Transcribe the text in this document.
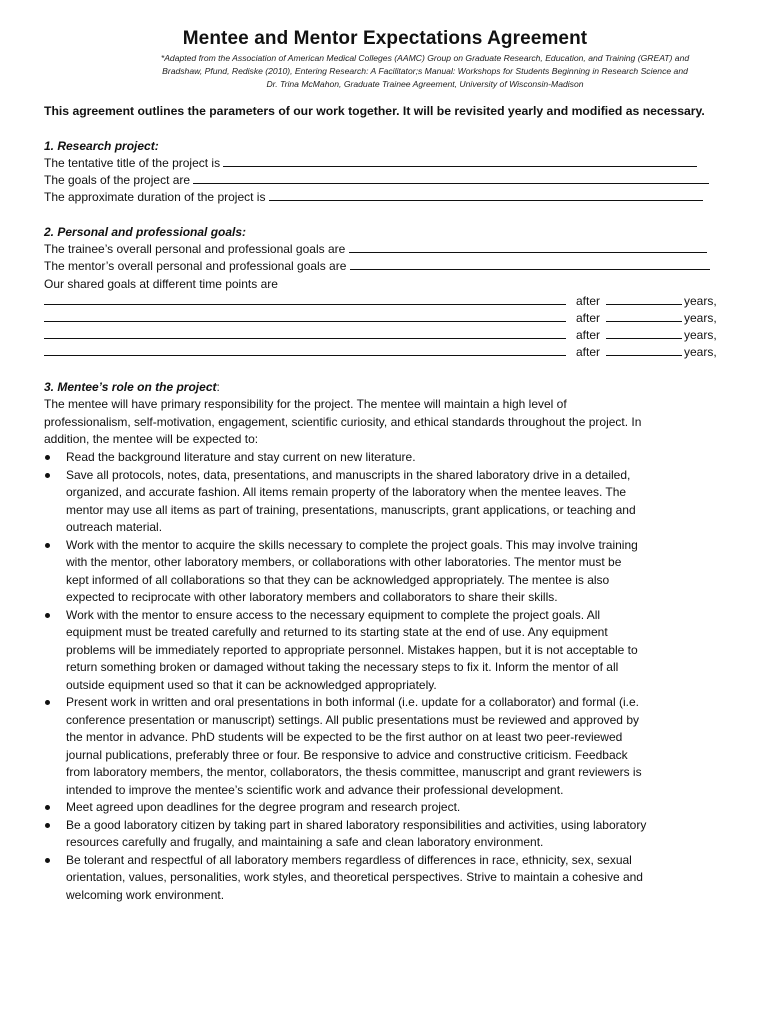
Mentee and Mentor Expectations Agreement
*Adapted from the Association of American Medical Colleges (AAMC) Group on Graduate Research, Education, and Training (GREAT) and
Bradshaw, Pfund, Rediske (2010), Entering Research: A Facilitator;s Manual: Workshops for Students Beginning in Research Science and
Dr. Trina McMahon, Graduate Trainee Agreement, University of Wisconsin-Madison
This agreement outlines the parameters of our work together. It will be revisited yearly and modified as necessary.
1. Research project:
The tentative title of the project is
The goals of the project are
The approximate duration of the project is
2. Personal and professional goals:
The trainee’s overall personal and professional goals are
The mentor’s overall personal and professional goals are
Our shared goals at different time points are
after	years,
after	years,
after	years,
after	years,
3. Mentee’s role on the project:
The mentee will have primary responsibility for the project. The mentee will maintain a high level of
professionalism, self-motivation, engagement, scientific curiosity, and ethical standards throughout the project. In
addition, the mentee will be expected to:
Read the background literature and stay current on new literature.
Save all protocols, notes, data, presentations, and manuscripts in the shared laboratory drive in a detailed,
organized, and accurate fashion. All items remain property of the laboratory when the mentee leaves. The
mentor may use all items as part of training, presentations, manuscripts, grant applications, or teaching and
outreach material.
Work with the mentor to acquire the skills necessary to complete the project goals. This may involve training
with the mentor, other laboratory members, or collaborations with other laboratories. The mentor must be
kept informed of all collaborations so that they can be acknowledged appropriately. The mentee is also
expected to reciprocate with other laboratory members and collaborators to share their skills.
Work with the mentor to ensure access to the necessary equipment to complete the project goals. All
equipment must be treated carefully and returned to its starting state at the end of use. Any equipment
problems will be immediately reported to appropriate personnel. Mistakes happen, but it is not acceptable to
return something broken or damaged without taking the necessary steps to fix it. Inform the mentor of all
outside equipment used so that it can be acknowledged appropriately.
Present work in written and oral presentations in both informal (i.e. update for a collaborator) and formal (i.e.
conference presentation or manuscript) settings. All public presentations must be reviewed and approved by
the mentor in advance. PhD students will be expected to be the first author on at least two peer-reviewed
journal publications, preferably three or four. Be responsive to advice and constructive criticism. Feedback
from laboratory members, the mentor, collaborators, the thesis committee, manuscript and grant reviewers is
intended to improve the mentee’s scientific work and advance their professional development.
Meet agreed upon deadlines for the degree program and research project.
Be a good laboratory citizen by taking part in shared laboratory responsibilities and activities, using laboratory
resources carefully and frugally, and maintaining a safe and clean laboratory environment.
Be tolerant and respectful of all laboratory members regardless of differences in race, ethnicity, sex, sexual
orientation, values, personalities, work styles, and theoretical perspectives. Strive to maintain a cohesive and
welcoming work environment.
